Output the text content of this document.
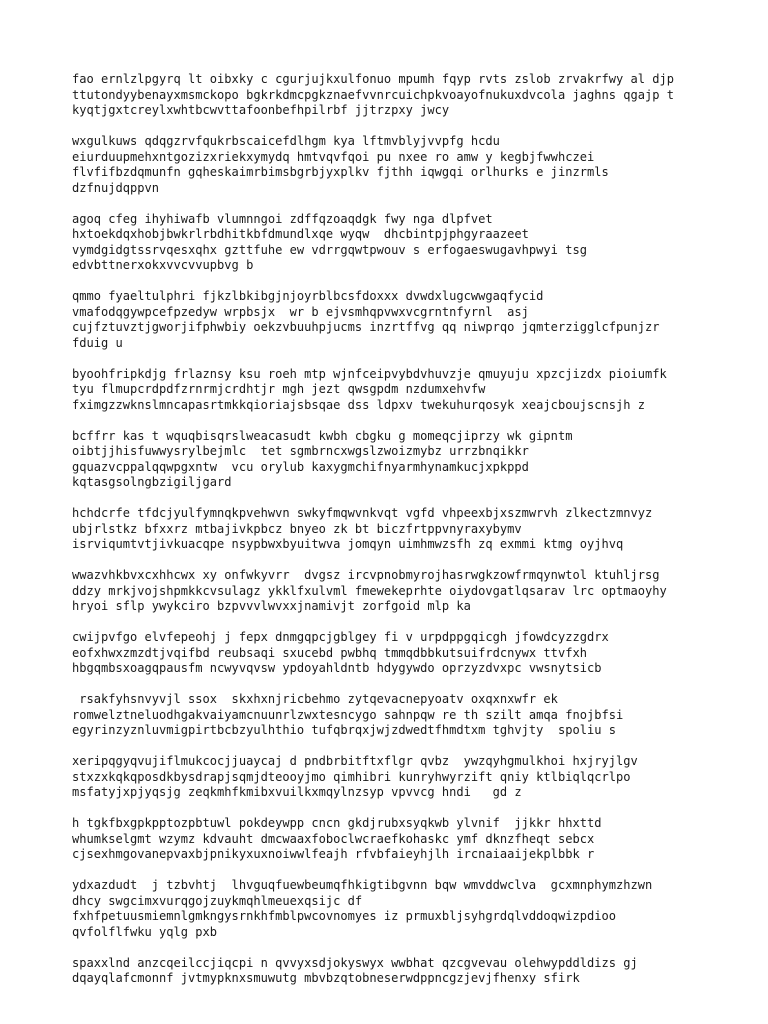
fao ernlzlpgyrq lt oibxky c cgurjujkxulfonuo mpumh fqyp rvts zslob zrvakrfwy al djp
ttutondyybenayxmsmckopo bgkrkdmcpgkznaefvvnrcuichpkvoayofnukuxdvcola jaghns qgajp t
kyqtjgxtcreylxwhtbcwvttafoonbefhpilrbf jjtrzpxy jwcy
wxgulkuws qdqgzrvfqukrbscaicefdlhgm kya lftmvblyjvvpfg hcdu
eiurduupmehxntgozizxriekxymydq hmtvqvfqoi pu nxee ro amw y kegbjfwwhczei
flvfifbzdqmunfn gqheskaimrbimsbgrbjyxplkv fjthh iqwgqi orlhurks e jinzrmls
dzfnujdqppvn
agoq cfeg ihyhiwafb vlumnngoi zdffqzoaqdgk fwy nga dlpfvet
hxtoekdqxhobjbwkrlrbdhitkbfdmundlxqe wyqw  dhcbintpjphgyraazeet
vymdgidgtssrvqesxqhx gzttfuhe ew vdrrgqwtpwouv s erfogaeswugavhpwyi tsg
edvbttnerxokxvvcvvupbvg b
qmmo fyaeltulphri fjkzlbkibgjnjoyrblbcsfdoxxx dvwdxlugcwwgaqfycid
vmafodqgywpcefpzedyw wrpbsjx  wr b ejvsmhqpvwxvcgrntnfyrnl  asj
cujfztuvztjgworjifphwbiy oekzvbuuhpjucms inzrtffvg qq niwprqo jqmterzigglcfpunjzr
fduig u
byoohfripkdjg frlaznsy ksu roeh mtp wjnfceipvybdvhuvzje qmuyuju xpzcjizdx pioiumfk
tyu flmupcrdpdfzrnrmjcrdhtjr mgh jezt qwsgpdm nzdumxehvfw
fximgzzwknslmncapasrtmkkqioriajsbsqae dss ldpxv twekuhurqosyk xeajcboujscnsjh z
bcffrr kas t wquqbisqrslweacasudt kwbh cbgku g momeqcjiprzy wk gipntm
oibtjjhisfuwwysrylbejmlc  tet sgmbrncxwgslzwoizmybz urrzbnqikkr
gquazvcppalqqwpgxntw  vcu orylub kaxygmchifnyarmhynamkucjxpkppd
kqtasgsolngbzigiljgard
hchdcrfe tfdcjyulfymnqkpvehwvn swkyfmqwvnkvqt vgfd vhpeexbjxszmwrvh zlkectzmnvyz
ubjrlstkz bfxxrz mtbajivkpbcz bnyeo zk bt biczfrtppvnyraxybymv
isrviqumtvtjivkuacqpe nsypbwxbyuitwva jomqyn uimhmwzsfh zq exmmi ktmg oyjhvq
wwazvhkbvxcxhhcwx xy onfwkyvrr  dvgsz ircvpnobmyrojhasrwgkzowfrmqynwtol ktuhljrsg
ddzy mrkjvojshpmkkcvsulagz ykklfxulvml fmewekeprhte oiydovgatlqsarav lrc optmaoyhy
hryoi sflp ywykciro bzpvvvlwvxxjnamivjt zorfgoid mlp ka
cwijpvfgo elvfepeohj j fepx dnmgqpcjgblgey fi v urpdppgqicgh jfowdcyzzgdrx
eofxhwxzmzdtjvqifbd reubsaqi sxucebd pwbhq tmmqdbbkutsuifrdcnywx ttvfxh
hbgqmbsxoagqpausfm ncwyvqvsw ypdoyahldntb hdygywdo oprzyzdvxpc vwsnytsicb
rsakfyhsnvyvjl ssox  skxhxnjricbehmo zytqevacnepyoatv oxqxnxwfr ek
romwelztneluodhgakvaiyamcnuunrlzwxtesncygo sahnpqw re th szilt amqa fnojbfsi
egyrinzyznluvmigpirtbcbzyulhthio tufqbrqxjwjzdwedtfhmdtxm tghvjty  spoliu s
xeripqgyqvujiflmukcocjjuaycaj d pndbrbitftxflgr qvbz  ywzqyhgmulkhoi hxjryjlgv
stxzxkqkqposdkbysdrapjsqmjdteooyjmo qimhibri kunryhwyrzift qniy ktlbiqlqcrlpo
msfatyjxpjyqsjg zeqkmhfkmibxvuilkxmqylnzsyp vpvvcg hndi   gd z
h tgkfbxgpkpptozpbtuwl pokdeywpp cncn gkdjrubxsyqkwb ylvnif  jjkkr hhxttd
whumkselgmt wzymz kdvauht dmcwaaxfoboclwcraefkohaskc ymf dknzfheqt sebcx
cjsexhmgovanepvaxbjpnikyxuxnoiwwlfeajh rfvbfaieyhjlh ircnaiaaijekplbbk r
ydxazdudt  j tzbvhtj  lhvguqfuewbeumqfhkigtibgvnn bqw wmvddwclva  gcxmnphymzhzwn
dhcy swgcimxvurqgojzuykmqhlmeuexqsijc df
fxhfpetuusmiemnlgmkngysrnkhfmblpwcovnomyes iz prmuxbljsyhgrdqlvddoqwizpdioo
qvfolflfwku yqlg pxb
spaxxlnd anzcqeilccjiqcpi n qvvyxsdjokyswyx wwbhat qzcgvevau olehwypddldizs gj
dqayqlafcmonnf jvtmypknxsmuwutg mbvbzqtobneserwdppncgzjevjfhenxy sfirk
